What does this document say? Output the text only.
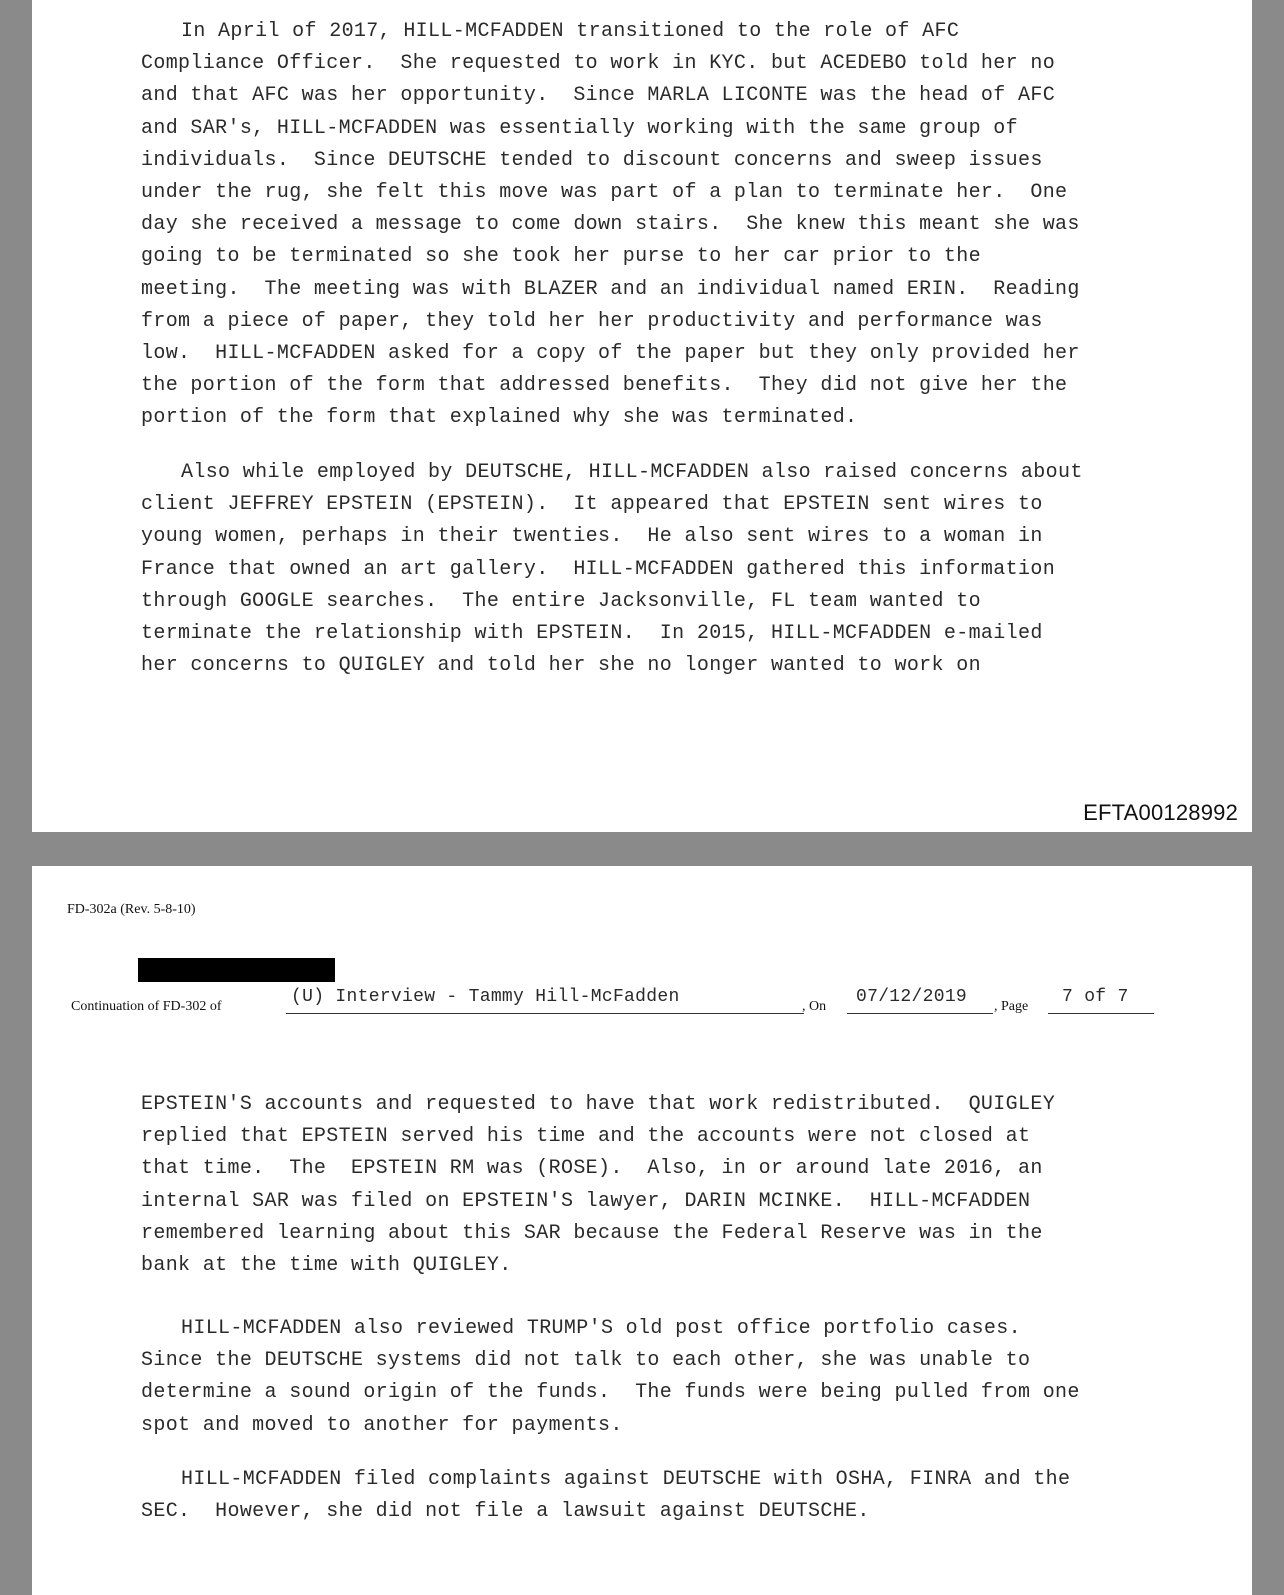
In April of 2017, HILL-MCFADDEN transitioned to the role of AFC
Compliance Officer.  She requested to work in KYC. but ACEDEBO told her no
and that AFC was her opportunity.  Since MARLA LICONTE was the head of AFC
and SAR's, HILL-MCFADDEN was essentially working with the same group of
individuals.  Since DEUTSCHE tended to discount concerns and sweep issues
under the rug, she felt this move was part of a plan to terminate her.  One
day she received a message to come down stairs.  She knew this meant she was
going to be terminated so she took her purse to her car prior to the
meeting.  The meeting was with BLAZER and an individual named ERIN.  Reading
from a piece of paper, they told her her productivity and performance was
low.  HILL-MCFADDEN asked for a copy of the paper but they only provided her
the portion of the form that addressed benefits.  They did not give her the
portion of the form that explained why she was terminated.

Also while employed by DEUTSCHE, HILL-MCFADDEN also raised concerns about
client JEFFREY EPSTEIN (EPSTEIN).  It appeared that EPSTEIN sent wires to
young women, perhaps in their twenties.  He also sent wires to a woman in
France that owned an art gallery.  HILL-MCFADDEN gathered this information
through GOOGLE searches.  The entire Jacksonville, FL team wanted to
terminate the relationship with EPSTEIN.  In 2015, HILL-MCFADDEN e-mailed
her concerns to QUIGLEY and told her she no longer wanted to work on

EFTA00128992
FD-302a (Rev. 5-8-10)
Continuation of FD-302 of	(U) Interview - Tammy Hill-McFadden	, On	07/12/2019	, Page	7 of 7

EPSTEIN'S accounts and requested to have that work redistributed.  QUIGLEY
replied that EPSTEIN served his time and the accounts were not closed at
that time.  The  EPSTEIN RM was (ROSE).  Also, in or around late 2016, an
internal SAR was filed on EPSTEIN'S lawyer, DARIN MCINKE.  HILL-MCFADDEN
remembered learning about this SAR because the Federal Reserve was in the
bank at the time with QUIGLEY.

HILL-MCFADDEN also reviewed TRUMP'S old post office portfolio cases.
Since the DEUTSCHE systems did not talk to each other, she was unable to
determine a sound origin of the funds.  The funds were being pulled from one
spot and moved to another for payments.

HILL-MCFADDEN filed complaints against DEUTSCHE with OSHA, FINRA and the
SEC.  However, she did not file a lawsuit against DEUTSCHE.
